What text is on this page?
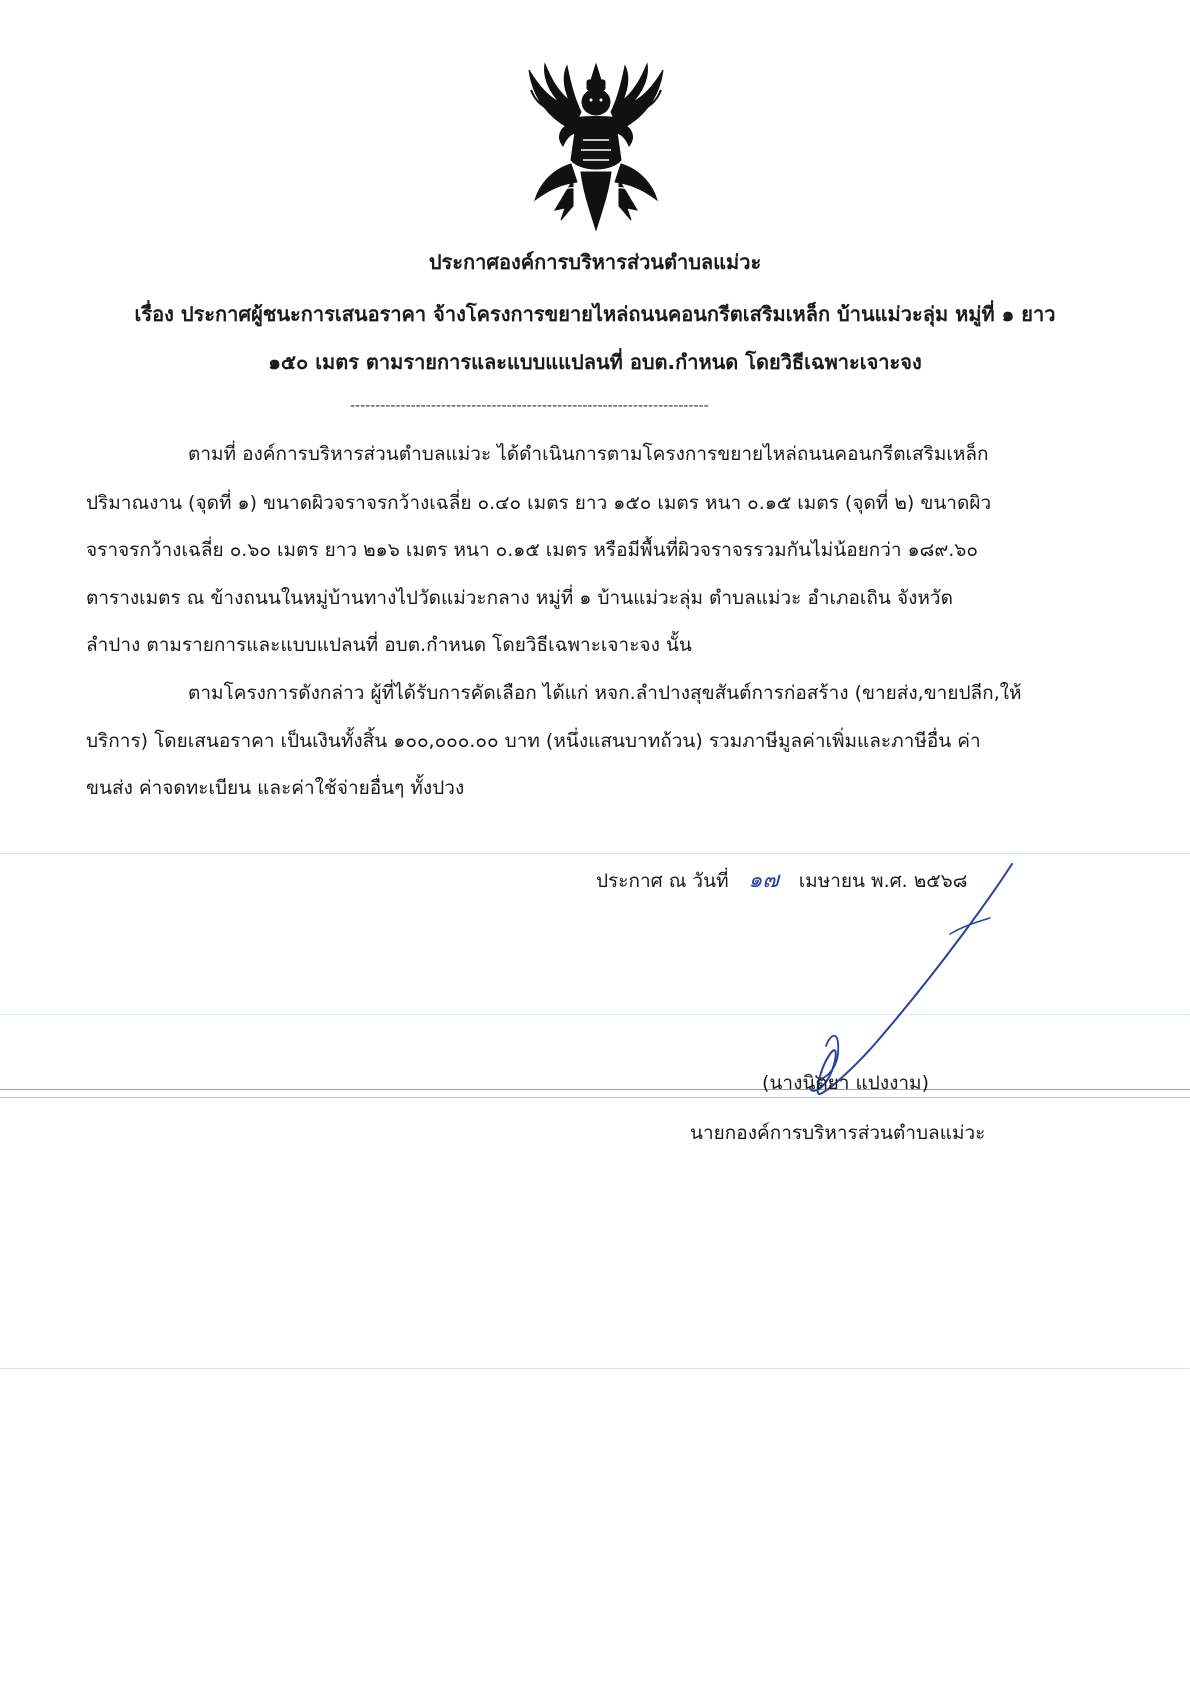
ประกาศองค์การบริหารส่วนตำบลแม่วะ
เรื่อง ประกาศผู้ชนะการเสนอราคา จ้างโครงการขยายไหล่ถนนคอนกรีตเสริมเหล็ก บ้านแม่วะลุ่ม หมู่ที่ ๑ ยาว
๑๕๐ เมตร ตามรายการและแบบแแปลนที่ อบต.กำหนด โดยวิธีเฉพาะเจาะจง
-----------------------------------------------------------------------
ตามที่ องค์การบริหารส่วนตำบลแม่วะ ได้ดำเนินการตามโครงการขยายไหล่ถนนคอนกรีตเสริมเหล็ก
ปริมาณงาน (จุดที่ ๑) ขนาดผิวจราจรกว้างเฉลี่ย ๐.๔๐ เมตร ยาว ๑๕๐ เมตร หนา ๐.๑๕ เมตร (จุดที่ ๒) ขนาดผิว
จราจรกว้างเฉลี่ย ๐.๖๐ เมตร ยาว ๒๑๖ เมตร หนา ๐.๑๕ เมตร หรือมีพื้นที่ผิวจราจรรวมกันไม่น้อยกว่า ๑๘๙.๖๐
ตารางเมตร ณ ข้างถนนในหมู่บ้านทางไปวัดแม่วะกลาง หมู่ที่ ๑ บ้านแม่วะลุ่ม ตำบลแม่วะ อำเภอเถิน จังหวัด
ลำปาง ตามรายการและแบบแปลนที่ อบต.กำหนด โดยวิธีเฉพาะเจาะจง นั้น
ตามโครงการดังกล่าว ผู้ที่ได้รับการคัดเลือก ได้แก่ หจก.ลำปางสุขสันต์การก่อสร้าง (ขายส่ง,ขายปลีก,ให้
บริการ) โดยเสนอราคา เป็นเงินทั้งสิ้น ๑๐๐,๐๐๐.๐๐ บาท (หนึ่งแสนบาทถ้วน) รวมภาษีมูลค่าเพิ่มและภาษีอื่น ค่า
ขนส่ง ค่าจดทะเบียน และค่าใช้จ่ายอื่นๆ ทั้งปวง
ประกาศ ณ วันที่ ๑๗ เมษายน พ.ศ. ๒๕๖๘
(นางนิตยา แปงงาม)
นายกองค์การบริหารส่วนตำบลแม่วะ
